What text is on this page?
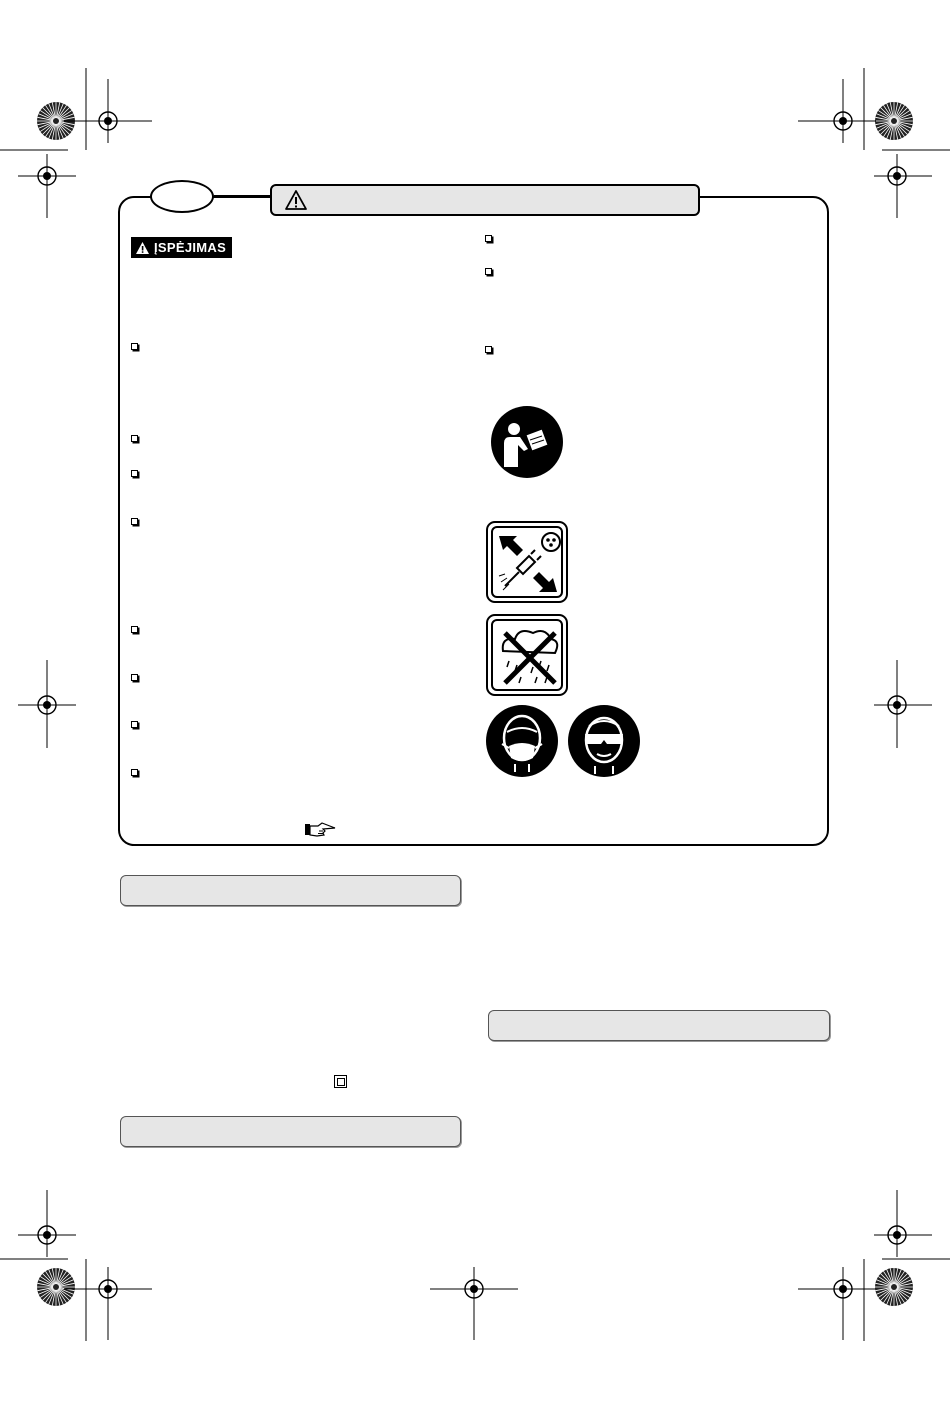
ĮSPĖJIMAS
